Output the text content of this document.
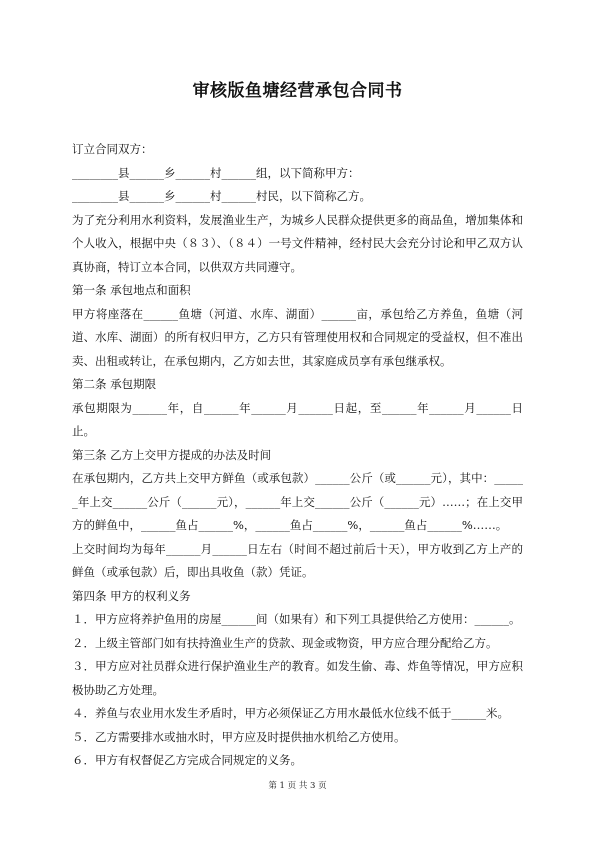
审核版鱼塘经营承包合同书

订立合同双方：

________县______乡______村______组，以下简称甲方：

________县______乡______村______村民，以下简称乙方。

为了充分利用水利资料，发展渔业生产，为城乡人民群众提供更多的商品鱼，增加集体和个人收入，根据中央（８３）、（８４）一号文件精神，经村民大会充分讨论和甲乙双方认真协商，特订立本合同，以供双方共同遵守。

第一条 承包地点和面积

甲方将座落在______鱼塘（河道、水库、湖面）______亩，承包给乙方养鱼，鱼塘（河道、水库、湖面）的所有权归甲方，乙方只有管理使用权和合同规定的受益权，但不准出卖、出租或转让，在承包期内，乙方如去世，其家庭成员享有承包继承权。

第二条 承包期限

承包期限为______年，自______年______月______日起，至______年______月______日止。

第三条 乙方上交甲方提成的办法及时间

在承包期内，乙方共上交甲方鲜鱼（或承包款）______公斤（或______元），其中：______年上交______公斤（______元），______年上交______公斤（______元）……；在上交甲方的鲜鱼中，______鱼占______%，______鱼占______%，______鱼占______%……。

上交时间均为每年______月______日左右（时间不超过前后十天），甲方收到乙方上产的鲜鱼（或承包款）后，即出具收鱼（款）凭证。

第四条 甲方的权利义务

１．甲方应将养护鱼用的房屋______间（如果有）和下列工具提供给乙方使用：______。

２．上级主管部门如有扶持渔业生产的贷款、现金或物资，甲方应合理分配给乙方。

３．甲方应对社员群众进行保护渔业生产的教育。如发生偷、毒、炸鱼等情况，甲方应积极协助乙方处理。

４．养鱼与农业用水发生矛盾时，甲方必须保证乙方用水最低水位线不低于______米。

５．乙方需要排水或抽水时，甲方应及时提供抽水机给乙方使用。

６．甲方有权督促乙方完成合同规定的义务。

第 1 页 共 3 页
